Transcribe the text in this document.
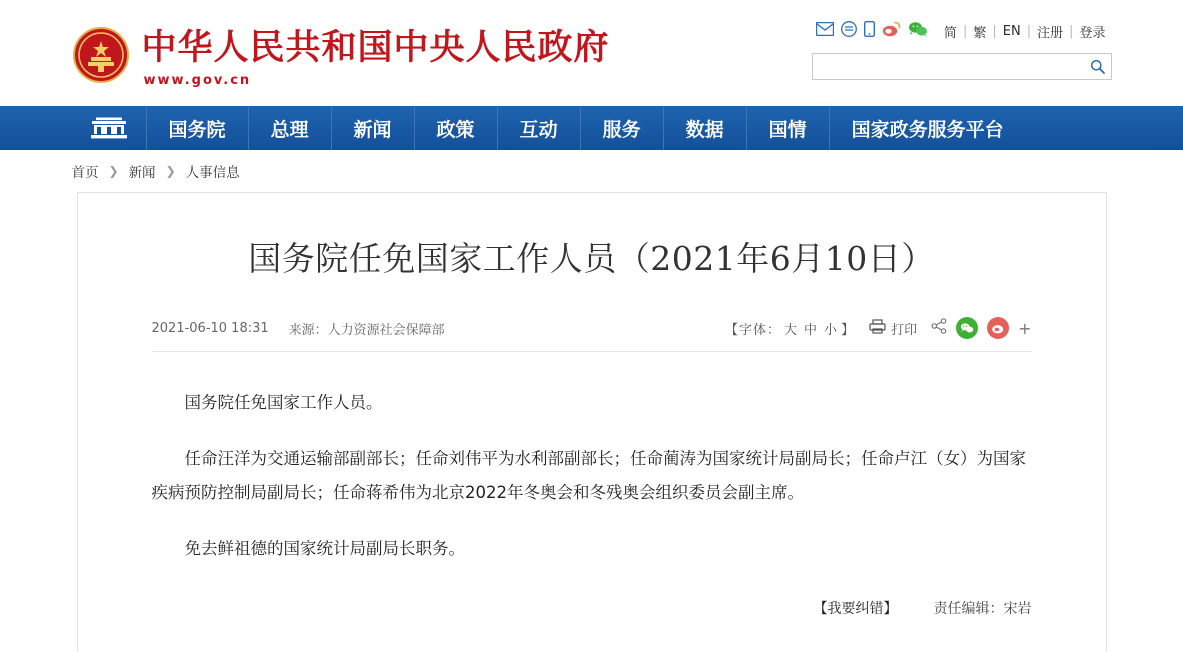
中华人民共和国中央人民政府
www.gov.cn
简 | 繁 | EN | 注册 | 登录
国务院	总理	新闻	政策	互动	服务	数据	国情	国家政务服务平台
首页 ❯ 新闻 ❯ 人事信息
国务院任免国家工作人员（2021年6月10日）
2021-06-10 18:31 来源：人力资源社会保障部	【字体： 大 中 小 】	打印	+

国务院任免国家工作人员。

任命汪洋为交通运输部副部长；任命刘伟平为水利部副部长；任命蔺涛为国家统计局副局长；任命卢江（女）为国家疾病预防控制局副局长；任命蒋希伟为北京2022年冬奥会和冬残奥会组织委员会副主席。

免去鲜祖德的国家统计局副局长职务。

【我要纠错】	责任编辑：宋岩
